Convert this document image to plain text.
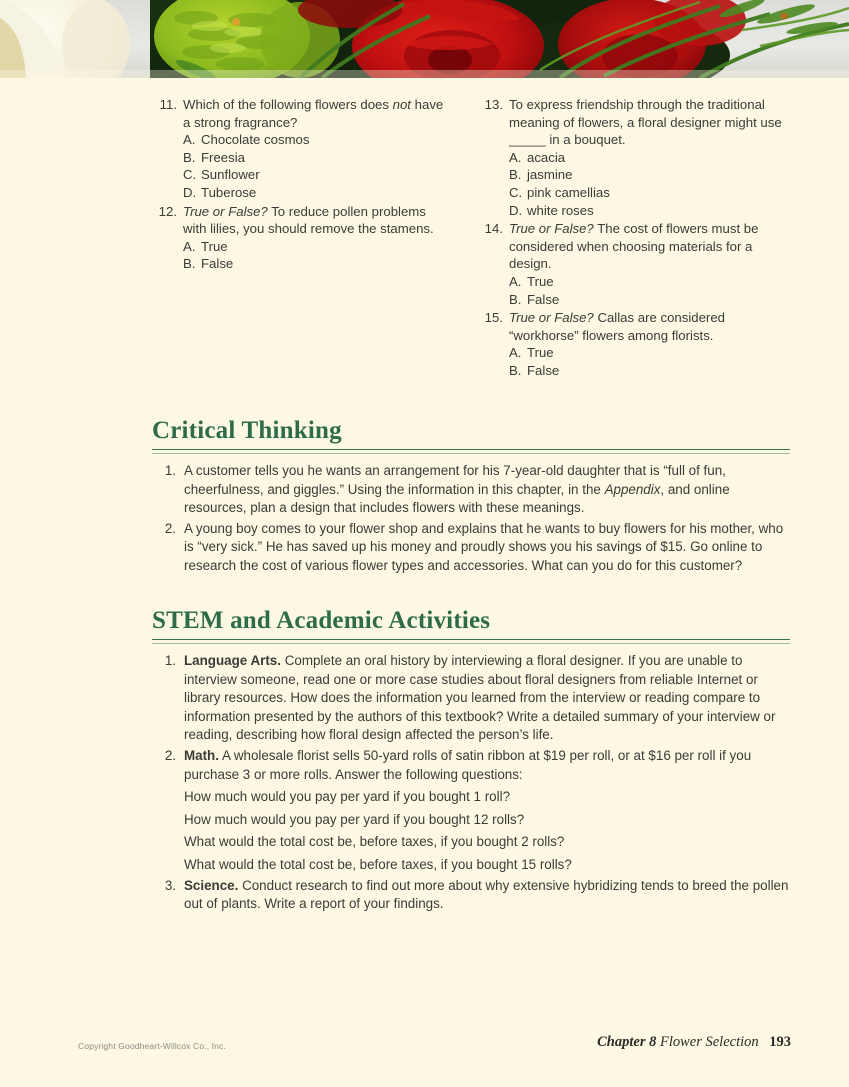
11. Which of the following flowers does not have a strong fragrance?
A. Chocolate cosmos
B. Freesia
C. Sunflower
D. Tuberose
12. True or False? To reduce pollen problems with lilies, you should remove the stamens.
A. True
B. False
13. To express friendship through the traditional meaning of flowers, a floral designer might use _____ in a bouquet.
A. acacia
B. jasmine
C. pink camellias
D. white roses
14. True or False? The cost of flowers must be considered when choosing materials for a design.
A. True
B. False
15. True or False? Callas are considered “workhorse” flowers among florists.
A. True
B. False
Critical Thinking
1. A customer tells you he wants an arrangement for his 7-year-old daughter that is “full of fun, cheerfulness, and giggles.” Using the information in this chapter, in the Appendix, and online resources, plan a design that includes flowers with these meanings.
2. A young boy comes to your flower shop and explains that he wants to buy flowers for his mother, who is “very sick.” He has saved up his money and proudly shows you his savings of $15. Go online to research the cost of various flower types and accessories. What can you do for this customer?
STEM and Academic Activities
1. Language Arts. Complete an oral history by interviewing a floral designer. If you are unable to interview someone, read one or more case studies about floral designers from reliable Internet or library resources. How does the information you learned from the interview or reading compare to information presented by the authors of this textbook? Write a detailed summary of your interview or reading, describing how floral design affected the person’s life.
2. Math. A wholesale florist sells 50-yard rolls of satin ribbon at $19 per roll, or at $16 per roll if you purchase 3 or more rolls. Answer the following questions:
How much would you pay per yard if you bought 1 roll?
How much would you pay per yard if you bought 12 rolls?
What would the total cost be, before taxes, if you bought 2 rolls?
What would the total cost be, before taxes, if you bought 15 rolls?
3. Science. Conduct research to find out more about why extensive hybridizing tends to breed the pollen out of plants. Write a report of your findings.
Copyright Goodheart-Willcox Co., Inc.	Chapter 8 Flower Selection 193
